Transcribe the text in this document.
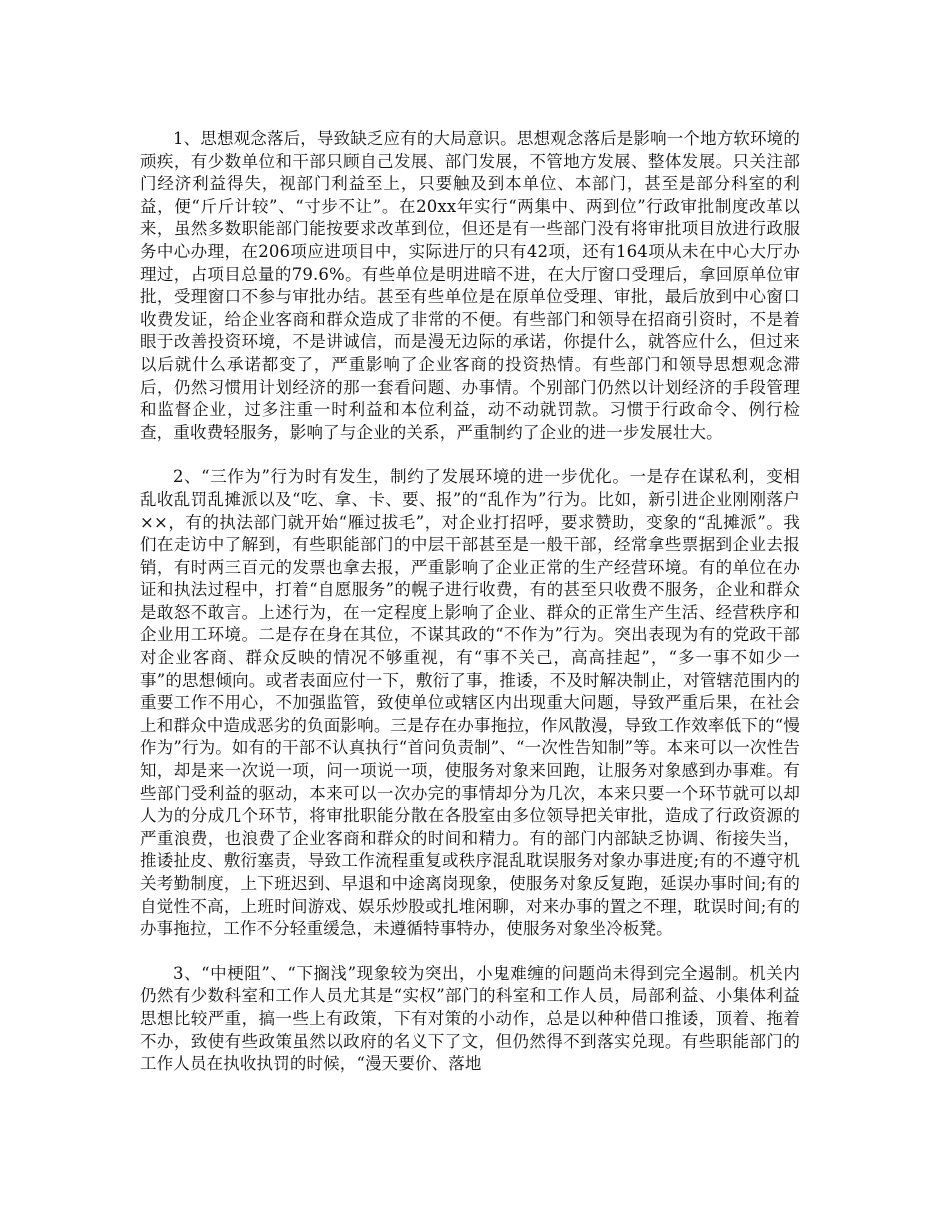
1、思想观念落后，导致缺乏应有的大局意识。思想观念落后是影响一个地方软环境的顽疾，有少数单位和干部只顾自己发展、部门发展，不管地方发展、整体发展。只关注部门经济利益得失，视部门利益至上，只要触及到本单位、本部门，甚至是部分科室的利益，便“斤斤计较”、“寸步不让”。在20xx年实行“两集中、两到位”行政审批制度改革以来，虽然多数职能部门能按要求改革到位，但还是有一些部门没有将审批项目放进行政服务中心办理，在206项应进项目中，实际进厅的只有42项，还有164项从未在中心大厅办理过，占项目总量的79.6%。有些单位是明进暗不进，在大厅窗口受理后，拿回原单位审批，受理窗口不参与审批办结。甚至有些单位是在原单位受理、审批，最后放到中心窗口收费发证，给企业客商和群众造成了非常的不便。有些部门和领导在招商引资时，不是着眼于改善投资环境，不是讲诚信，而是漫无边际的承诺，你提什么，就答应什么，但过来以后就什么承诺都变了，严重影响了企业客商的投资热情。有些部门和领导思想观念滞后，仍然习惯用计划经济的那一套看问题、办事情。个别部门仍然以计划经济的手段管理和监督企业，过多注重一时利益和本位利益，动不动就罚款。习惯于行政命令、例行检查，重收费轻服务，影响了与企业的关系，严重制约了企业的进一步发展壮大。

2、“三作为”行为时有发生，制约了发展环境的进一步优化。一是存在谋私利，变相乱收乱罚乱摊派以及“吃、拿、卡、要、报”的“乱作为”行为。比如，新引进企业刚刚落户××，有的执法部门就开始“雁过拔毛”，对企业打招呼，要求赞助，变象的“乱摊派”。我们在走访中了解到，有些职能部门的中层干部甚至是一般干部，经常拿些票据到企业去报销，有时两三百元的发票也拿去报，严重影响了企业正常的生产经营环境。有的单位在办证和执法过程中，打着“自愿服务”的幌子进行收费，有的甚至只收费不服务，企业和群众是敢怒不敢言。上述行为，在一定程度上影响了企业、群众的正常生产生活、经营秩序和企业用工环境。二是存在身在其位，不谋其政的“不作为”行为。突出表现为有的党政干部对企业客商、群众反映的情况不够重视，有“事不关己，高高挂起”，“多一事不如少一事”的思想倾向。或者表面应付一下，敷衍了事，推诿，不及时解决制止，对管辖范围内的重要工作不用心，不加强监管，致使单位或辖区内出现重大问题，导致严重后果，在社会上和群众中造成恶劣的负面影响。三是存在办事拖拉，作风散漫，导致工作效率低下的“慢作为”行为。如有的干部不认真执行“首问负责制”、“一次性告知制”等。本来可以一次性告知，却是来一次说一项，问一项说一项，使服务对象来回跑，让服务对象感到办事难。有些部门受利益的驱动，本来可以一次办完的事情却分为几次，本来只要一个环节就可以却人为的分成几个环节，将审批职能分散在各股室由多位领导把关审批，造成了行政资源的严重浪费，也浪费了企业客商和群众的时间和精力。有的部门内部缺乏协调、衔接失当，推诿扯皮、敷衍塞责，导致工作流程重复或秩序混乱耽误服务对象办事进度;有的不遵守机关考勤制度，上下班迟到、早退和中途离岗现象，使服务对象反复跑，延误办事时间;有的自觉性不高，上班时间游戏、娱乐炒股或扎堆闲聊，对来办事的置之不理，耽误时间;有的办事拖拉，工作不分轻重缓急，未遵循特事特办，使服务对象坐冷板凳。

3、“中梗阻”、“下搁浅”现象较为突出，小鬼难缠的问题尚未得到完全遏制。机关内仍然有少数科室和工作人员尤其是“实权”部门的科室和工作人员，局部利益、小集体利益思想比较严重，搞一些上有政策，下有对策的小动作，总是以种种借口推诿，顶着、拖着不办，致使有些政策虽然以政府的名义下了文，但仍然得不到落实兑现。有些职能部门的工作人员在执收执罚的时候，“漫天要价、落地
